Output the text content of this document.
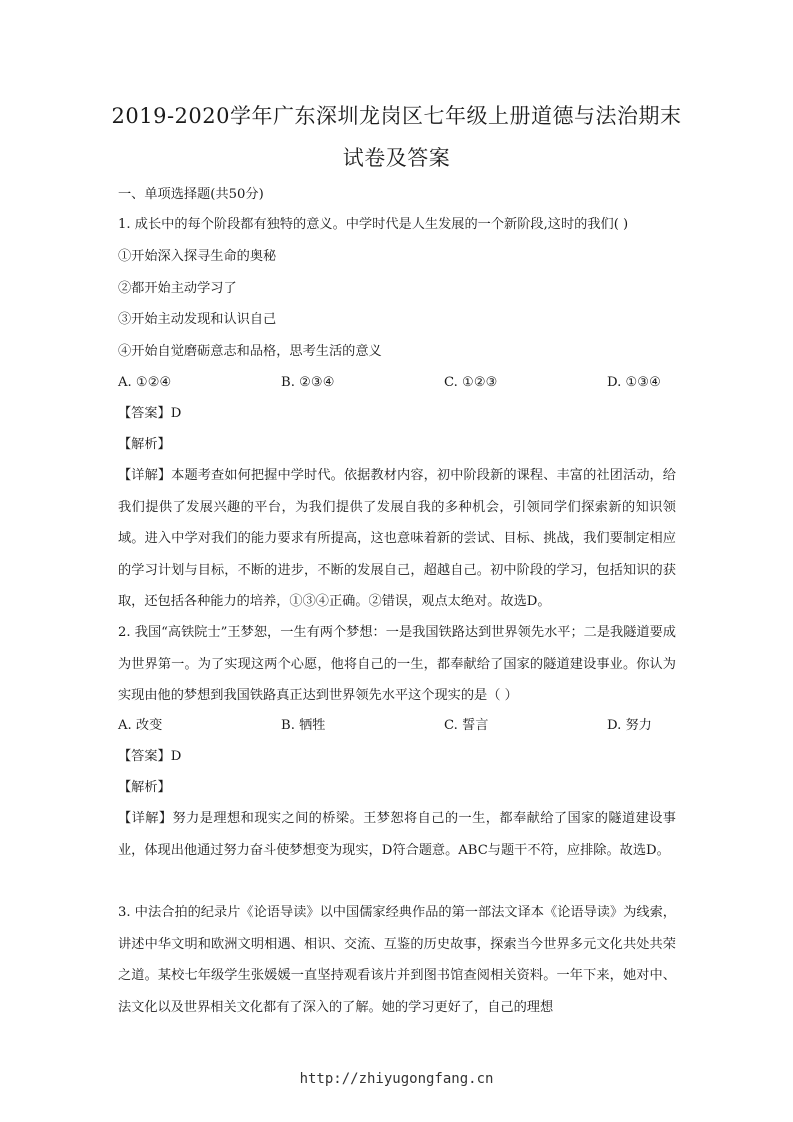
2019-2020学年广东深圳龙岗区七年级上册道德与法治期末
试卷及答案
一、单项选择题(共50分)
1. 成长中的每个阶段都有独特的意义。中学时代是人生发展的一个新阶段,这时的我们( )
①开始深入探寻生命的奥秘
②都开始主动学习了
③开始主动发现和认识自己
④开始自觉磨砺意志和品格，思考生活的意义
A. ①②④	B. ②③④	C. ①②③	D. ①③④
【答案】D
【解析】
【详解】本题考查如何把握中学时代。依据教材内容，初中阶段新的课程、丰富的社团活动，给我们提供了发展兴趣的平台，为我们提供了发展自我的多种机会，引领同学们探索新的知识领域。进入中学对我们的能力要求有所提高，这也意味着新的尝试、目标、挑战，我们要制定相应的学习计划与目标，不断的进步，不断的发展自己，超越自己。初中阶段的学习，包括知识的获取，还包括各种能力的培养，①③④正确。②错误，观点太绝对。故选D。
2. 我国“高铁院士”王梦恕，一生有两个梦想：一是我国铁路达到世界领先水平；二是我隧道要成为世界第一。为了实现这两个心愿，他将自己的一生，都奉献给了国家的隧道建设事业。你认为实现由他的梦想到我国铁路真正达到世界领先水平这个现实的是（ ）
A. 改变	B. 牺牲	C. 誓言	D. 努力
【答案】D
【解析】
【详解】努力是理想和现实之间的桥梁。王梦恕将自己的一生，都奉献给了国家的隧道建设事业，体现出他通过努力奋斗使梦想变为现实，D符合题意。ABC与题干不符，应排除。故选D。
3. 中法合拍的纪录片《论语导读》以中国儒家经典作品的第一部法文译本《论语导读》为线索，讲述中华文明和欧洲文明相遇、相识、交流、互鉴的历史故事，探索当今世界多元文化共处共荣之道。某校七年级学生张媛媛一直坚持观看该片并到图书馆查阅相关资料。一年下来，她对中、法文化以及世界相关文化都有了深入的了解。她的学习更好了，自己的理想
http://zhiyugongfang.cn
